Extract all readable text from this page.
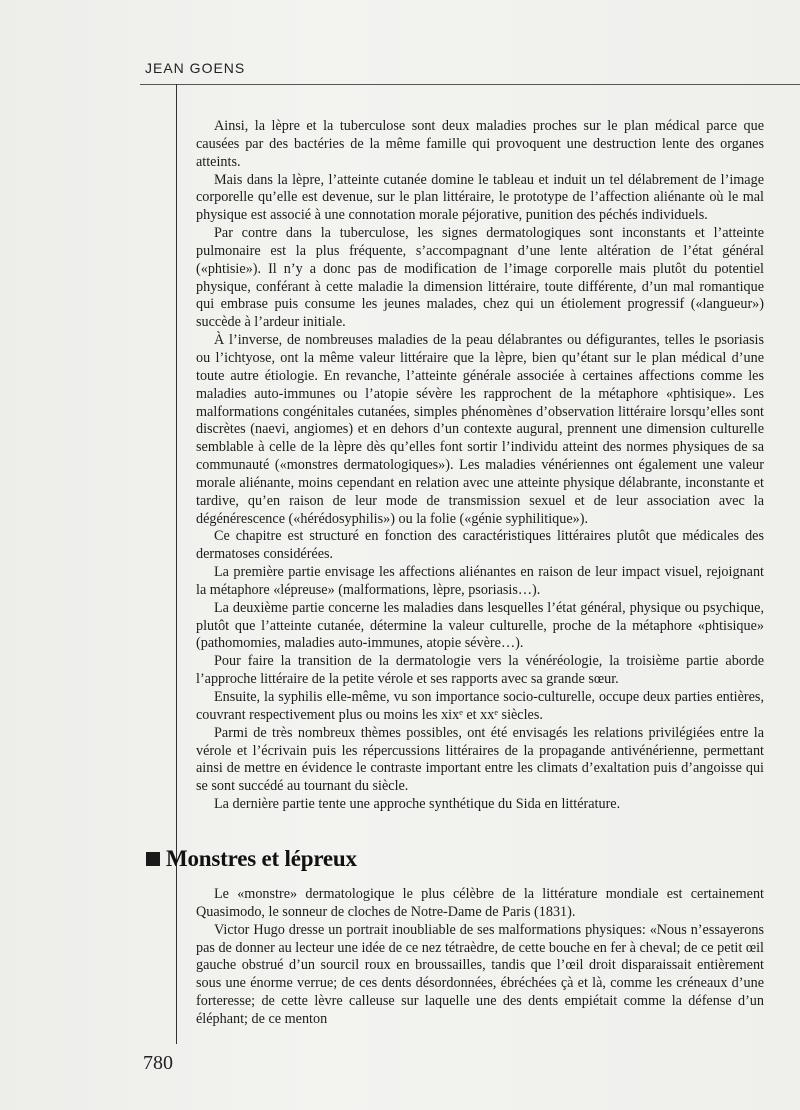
JEAN GOENS

Ainsi, la lèpre et la tuberculose sont deux maladies proches sur le plan médical parce que causées par des bactéries de la même famille qui provoquent une destruction lente des organes atteints.

Mais dans la lèpre, l’atteinte cutanée domine le tableau et induit un tel délabrement de l’image corporelle qu’elle est devenue, sur le plan littéraire, le prototype de l’affection aliénante où le mal physique est associé à une connotation morale péjorative, punition des péchés individuels.

Par contre dans la tuberculose, les signes dermatologiques sont inconstants et l’atteinte pulmonaire est la plus fréquente, s’accompagnant d’une lente altération de l’état général («phtisie»). Il n’y a donc pas de modification de l’image corporelle mais plutôt du potentiel physique, conférant à cette maladie la dimension littéraire, toute différente, d’un mal romantique qui embrase puis consume les jeunes malades, chez qui un étiolement progressif («langueur») succède à l’ardeur initiale.

À l’inverse, de nombreuses maladies de la peau délabrantes ou défigurantes, telles le psoriasis ou l’ichtyose, ont la même valeur littéraire que la lèpre, bien qu’étant sur le plan médical d’une toute autre étiologie. En revanche, l’atteinte générale associée à certaines affections comme les maladies auto-immunes ou l’atopie sévère les rapprochent de la métaphore «phtisique». Les malformations congénitales cutanées, simples phénomènes d’observation littéraire lorsqu’elles sont discrètes (naevi, angiomes) et en dehors d’un contexte augural, prennent une dimension culturelle semblable à celle de la lèpre dès qu’elles font sortir l’individu atteint des normes physiques de sa communauté («monstres dermatologiques»). Les maladies vénériennes ont également une valeur morale aliénante, moins cependant en relation avec une atteinte physique délabrante, inconstante et tardive, qu’en raison de leur mode de transmission sexuel et de leur association avec la dégénérescence («hérédosyphilis») ou la folie («génie syphilitique»).

Ce chapitre est structuré en fonction des caractéristiques littéraires plutôt que médicales des dermatoses considérées.

La première partie envisage les affections aliénantes en raison de leur impact visuel, rejoignant la métaphore «lépreuse» (malformations, lèpre, psoriasis…).

La deuxième partie concerne les maladies dans lesquelles l’état général, physique ou psychique, plutôt que l’atteinte cutanée, détermine la valeur culturelle, proche de la métaphore «phtisique» (pathomomies, maladies auto-immunes, atopie sévère…).

Pour faire la transition de la dermatologie vers la vénéréologie, la troisième partie aborde l’approche littéraire de la petite vérole et ses rapports avec sa grande sœur.

Ensuite, la syphilis elle-même, vu son importance socio-culturelle, occupe deux parties entières, couvrant respectivement plus ou moins les xixᵉ et xxᵉ siècles.

Parmi de très nombreux thèmes possibles, ont été envisagés les relations privilégiées entre la vérole et l’écrivain puis les répercussions littéraires de la propagande antivénérienne, permettant ainsi de mettre en évidence le contraste important entre les climats d’exaltation puis d’angoisse qui se sont succédé au tournant du siècle.

La dernière partie tente une approche synthétique du Sida en littérature.

Monstres et lépreux

Le «monstre» dermatologique le plus célèbre de la littérature mondiale est certainement Quasimodo, le sonneur de cloches de Notre-Dame de Paris (1831).

Victor Hugo dresse un portrait inoubliable de ses malformations physiques: «Nous n’essayerons pas de donner au lecteur une idée de ce nez tétraèdre, de cette bouche en fer à cheval; de ce petit œil gauche obstrué d’un sourcil roux en broussailles, tandis que l’œil droit disparaissait entièrement sous une énorme verrue; de ces dents désordonnées, ébréchées çà et là, comme les créneaux d’une forteresse; de cette lèvre calleuse sur laquelle une des dents empiétait comme la défense d’un éléphant; de ce menton

780
